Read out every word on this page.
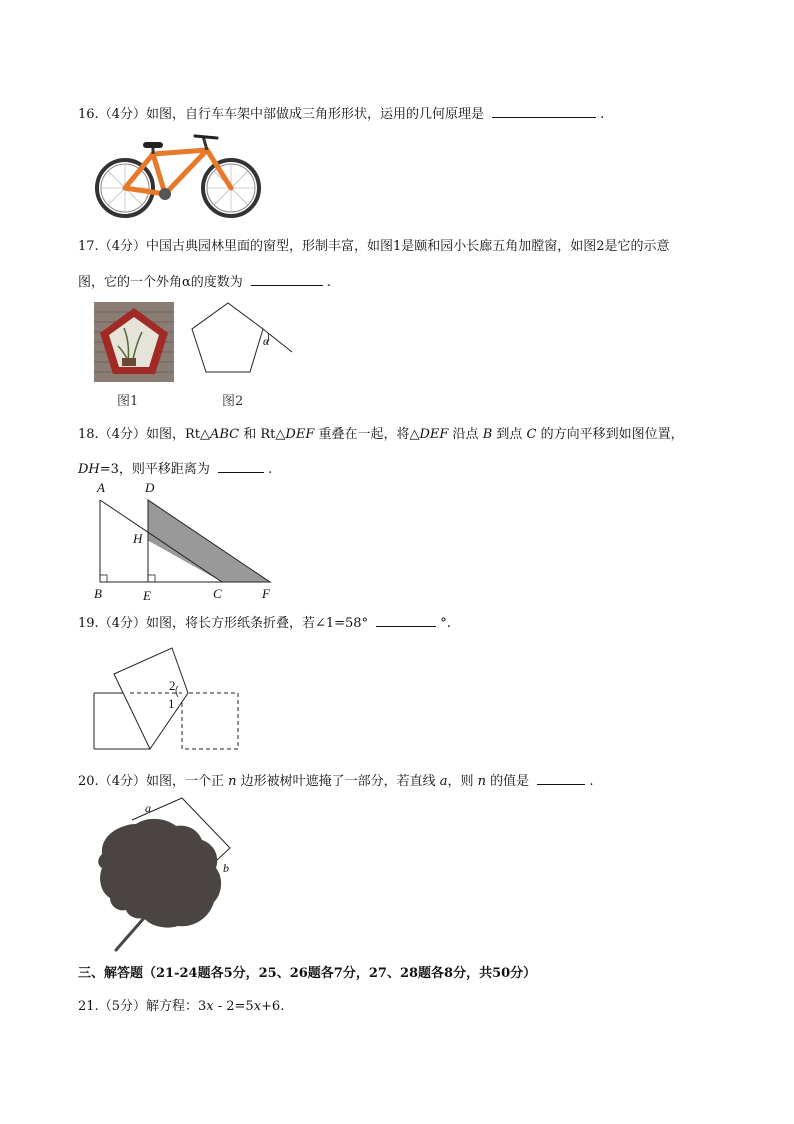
16.（4分）如图，自行车车架中部做成三角形形状，运用的几何原理是	.
17.（4分）中国古典园林里面的窗型，形制丰富，如图1是颐和园小长廊五角加膛窗，如图2是它的示意
图，它的一个外角α的度数为	.
图1
α
图2
18.（4分）如图，Rt△ABC 和 Rt△DEF 重叠在一起，将△DEF 沿点 B 到点 C 的方向平移到如图位置，
DH=3，则平移距离为	.
A	D
H
B	E	C	F
19.（4分）如图，将长方形纸条折叠，若∠1=58°	°.
2
1
20.（4分）如图，一个正 n 边形被树叶遮掩了一部分，若直线 a，则 n 的值是	.
a
b
三、解答题（21-24题各5分，25、26题各7分，27、28题各8分，共50分）
21.（5分）解方程：3x - 2=5x+6.
